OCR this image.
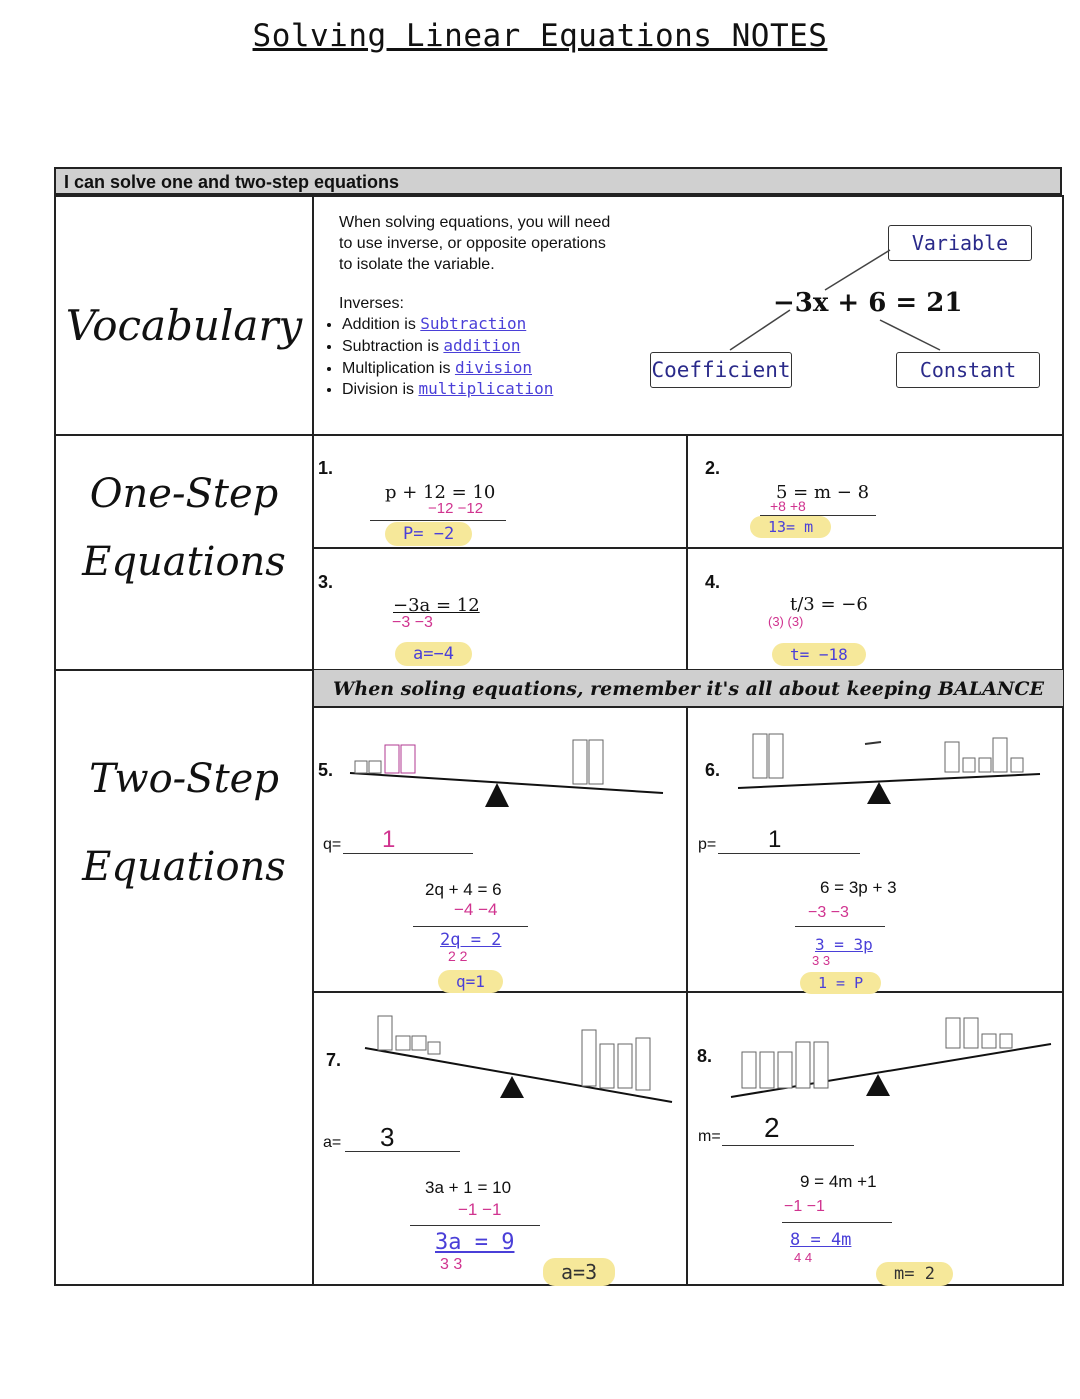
Solving Linear Equations NOTES
I can solve one and two-step equations
Vocabulary
One-Step Equations
Two-Step Equations
When solving equations, you will need to use inverse, or opposite operations to isolate the variable.
Inverses:
• Addition is Subtraction
• Subtraction is addition
• Multiplication is division
• Division is multiplication
−3x + 6 = 21
Variable
Coefficient	Constant
1.
p + 12 = 10
−12 −12
P= −2
2.
5 = m − 8
+8 +8
13= m
3.
−3a = 12
−3 −3
a=−4
4.
t/3 = −6
(3) (3)
t= −18
When soling equations, remember it's all about keeping BALANCE
5.
q= 1
2q + 4 = 6
−4 −4
2q = 2
2 2
q=1
6.
p= 1
6 = 3p + 3
−3 −3
3 = 3p
3 3
1 = P
7.
a= 3
3a + 1 = 10
−1 −1
3a = 9
3 3	a=3
8.
m= 2
9 = 4m +1
−1 −1
8 = 4m
4 4
m= 2
